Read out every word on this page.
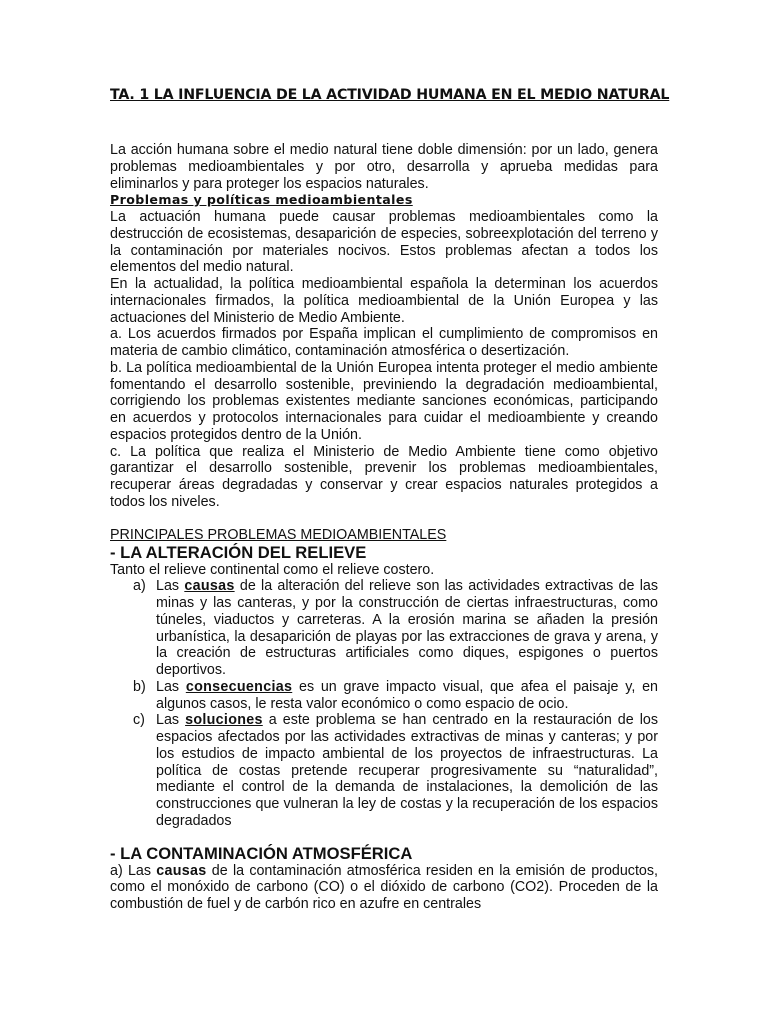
TA. 1 LA INFLUENCIA DE LA ACTIVIDAD HUMANA EN EL MEDIO NATURAL

La acción humana sobre el medio natural tiene doble dimensión: por un lado, genera problemas medioambientales y por otro, desarrolla y aprueba medidas para eliminarlos y para proteger los espacios naturales.

Problemas y políticas medioambientales

La actuación humana puede causar problemas medioambientales como la destrucción de ecosistemas, desaparición de especies, sobreexplotación del terreno y la contaminación por materiales nocivos. Estos problemas afectan a todos los elementos del medio natural.

En la actualidad, la política medioambiental española la determinan los acuerdos

internacionales firmados, la política medioambiental de la Unión Europea y las actuaciones del Ministerio de Medio Ambiente.

a. Los acuerdos firmados por España implican el cumplimiento de compromisos en materia de cambio climático, contaminación atmosférica o desertización.

b. La política medioambiental de la Unión Europea intenta proteger el medio ambiente fomentando el desarrollo sostenible, previniendo la degradación medioambiental, corrigiendo los problemas existentes mediante sanciones económicas, participando en acuerdos y protocolos internacionales para cuidar el medioambiente y creando espacios protegidos dentro de la Unión.

c. La política que realiza el Ministerio de Medio Ambiente tiene como objetivo garantizar el desarrollo sostenible, prevenir los problemas medioambientales, recuperar áreas degradadas y conservar y crear espacios naturales protegidos a todos los niveles.

PRINCIPALES PROBLEMAS MEDIOAMBIENTALES

- LA ALTERACIÓN DEL RELIEVE

Tanto el relieve continental como el relieve costero.

a) Las causas de la alteración del relieve son las actividades extractivas de las minas y las canteras, y por la construcción de ciertas infraestructuras, como túneles, viaductos y carreteras. A la erosión marina se añaden la presión urbanística, la desaparición de playas por las extracciones de grava y arena, y la creación de estructuras artificiales como diques, espigones o puertos deportivos.
b) Las consecuencias es un grave impacto visual, que afea el paisaje y, en algunos casos, le resta valor económico o como espacio de ocio.
c) Las soluciones a este problema se han centrado en la restauración de los espacios afectados por las actividades extractivas de minas y canteras; y por los estudios de impacto ambiental de los proyectos de infraestructuras. La política de costas pretende recuperar progresivamente su “naturalidad”, mediante el control de la demanda de instalaciones, la demolición de las construcciones que vulneran la ley de costas y la recuperación de los espacios degradados

- LA CONTAMINACIÓN ATMOSFÉRICA

a) Las causas de la contaminación atmosférica residen en la emisión de productos, como el monóxido de carbono (CO) o el dióxido de carbono (CO2). Proceden de la combustión de fuel y de carbón rico en azufre en centrales
